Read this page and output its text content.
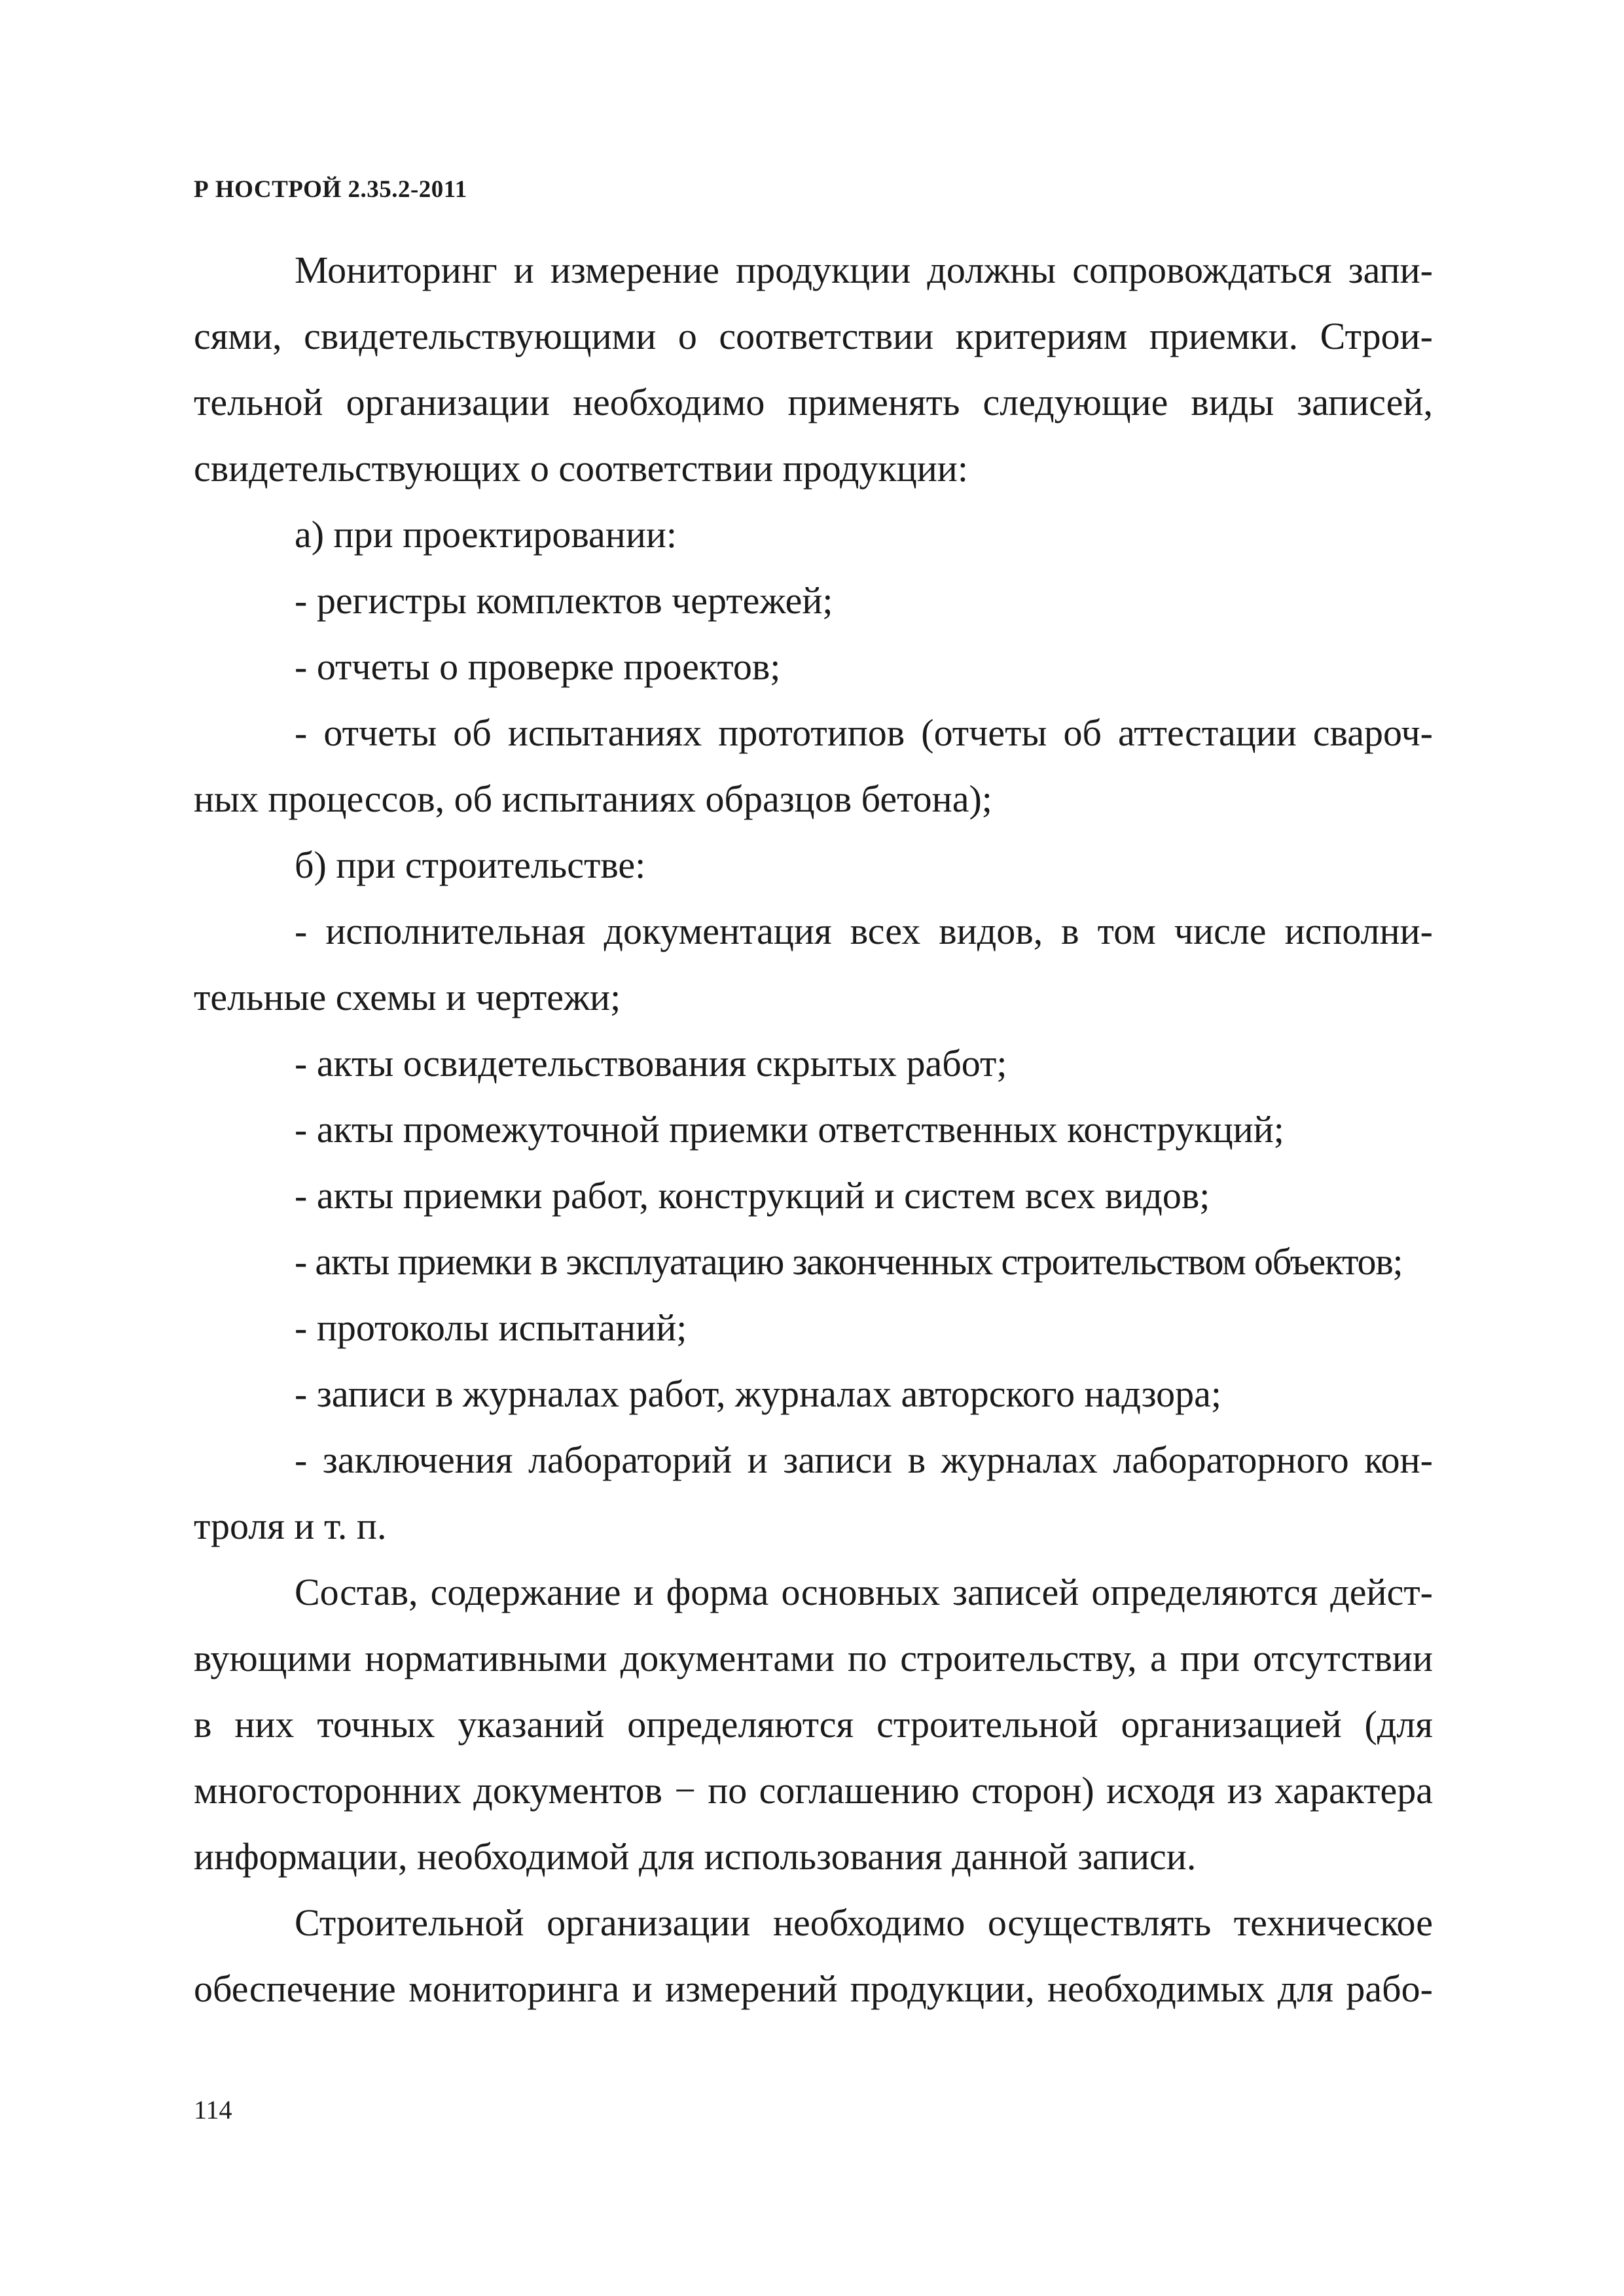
Р НОСТРОЙ 2.35.2-2011
Мониторинг и измерение продукции должны сопровождаться запи-
сями, свидетельствующими о соответствии критериям приемки. Строи-
тельной организации необходимо применять следующие виды записей,
свидетельствующих о соответствии продукции:
а) при проектировании:
- регистры комплектов чертежей;
- отчеты о проверке проектов;
- отчеты об испытаниях прототипов (отчеты об аттестации свароч-
ных процессов, об испытаниях образцов бетона);
б) при строительстве:
- исполнительная документация всех видов, в том числе исполни-
тельные схемы и чертежи;
- акты освидетельствования скрытых работ;
- акты промежуточной приемки ответственных конструкций;
- акты приемки работ, конструкций и систем всех видов;
- акты приемки в эксплуатацию законченных строительством объектов;
- протоколы испытаний;
- записи в журналах работ, журналах авторского надзора;
- заключения лабораторий и записи в журналах лабораторного кон-
троля и т. п.
Состав, содержание и форма основных записей определяются дейст-
вующими нормативными документами по строительству, а при отсутствии
в них точных указаний определяются строительной организацией (для
многосторонних документов − по соглашению сторон) исходя из характера
информации, необходимой для использования данной записи.
Строительной организации необходимо осуществлять техническое
обеспечение мониторинга и измерений продукции, необходимых для рабо-
114
